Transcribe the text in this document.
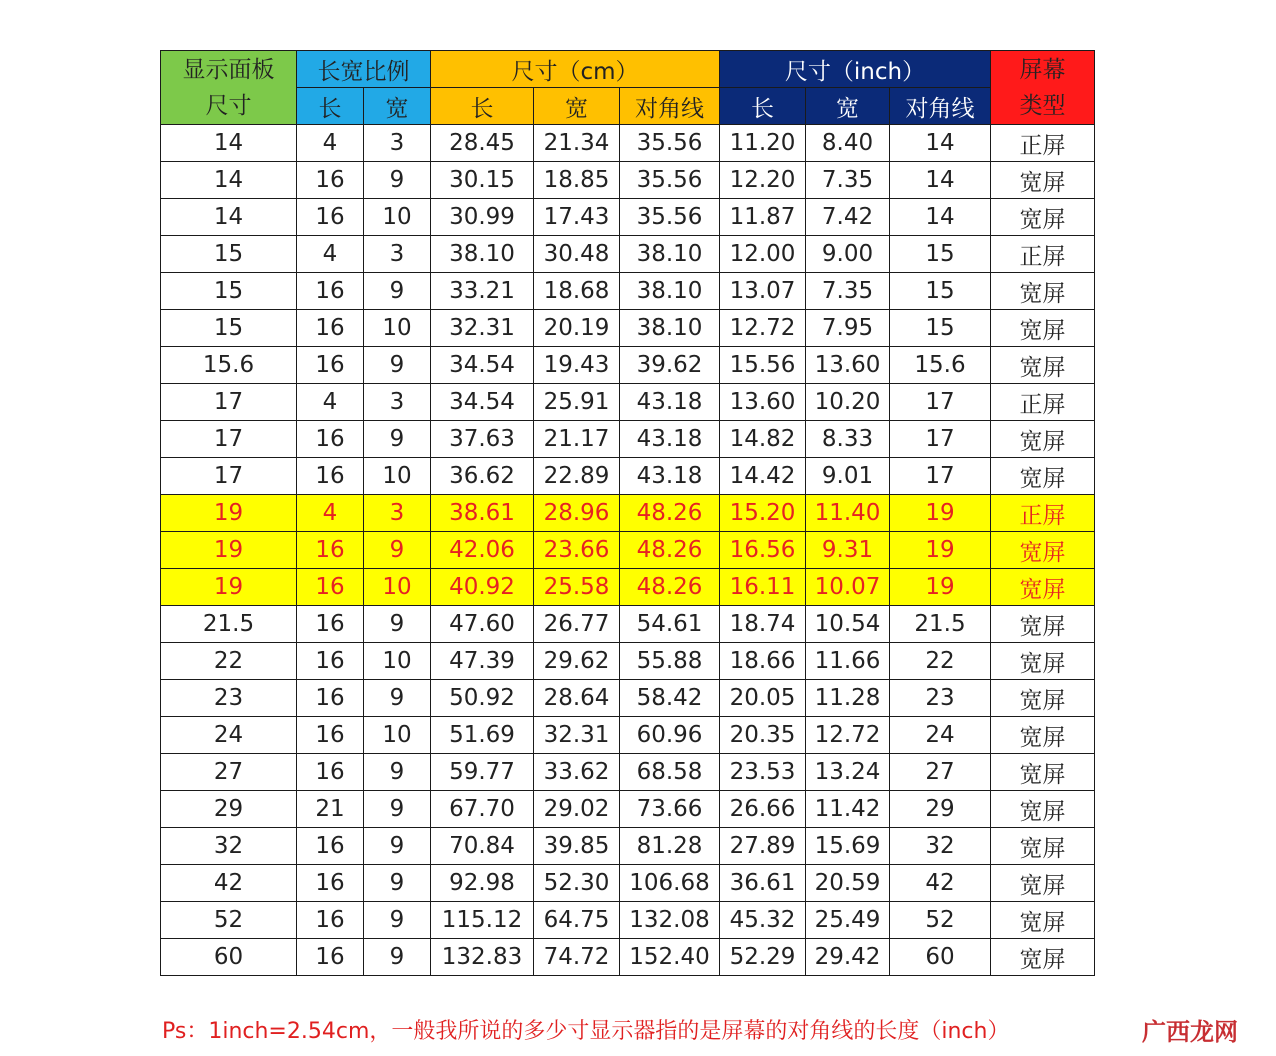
显示面板
尺寸	长宽比例		尺寸（cm）			尺寸（inch）			屏幕
类型

	长	宽	长	宽	对角线	长	宽	对角线	
14	4	3	28.45	21.34	35.56	11.20	8.40	14	正屏
14	16	9	30.15	18.85	35.56	12.20	7.35	14	宽屏
14	16	10	30.99	17.43	35.56	11.87	7.42	14	宽屏
15	4	3	38.10	30.48	38.10	12.00	9.00	15	正屏
15	16	9	33.21	18.68	38.10	13.07	7.35	15	宽屏
15	16	10	32.31	20.19	38.10	12.72	7.95	15	宽屏
15.6	16	9	34.54	19.43	39.62	15.56	13.60	15.6	宽屏
17	4	3	34.54	25.91	43.18	13.60	10.20	17	正屏
17	16	9	37.63	21.17	43.18	14.82	8.33	17	宽屏
17	16	10	36.62	22.89	43.18	14.42	9.01	17	宽屏
19	4	3	38.61	28.96	48.26	15.20	11.40	19	正屏
19	16	9	42.06	23.66	48.26	16.56	9.31	19	宽屏
19	16	10	40.92	25.58	48.26	16.11	10.07	19	宽屏
21.5	16	9	47.60	26.77	54.61	18.74	10.54	21.5	宽屏
22	16	10	47.39	29.62	55.88	18.66	11.66	22	宽屏
23	16	9	50.92	28.64	58.42	20.05	11.28	23	宽屏
24	16	10	51.69	32.31	60.96	20.35	12.72	24	宽屏
27	16	9	59.77	33.62	68.58	23.53	13.24	27	宽屏
29	21	9	67.70	29.02	73.66	26.66	11.42	29	宽屏
32	16	9	70.84	39.85	81.28	27.89	15.69	32	宽屏
42	16	9	92.98	52.30	106.68	36.61	20.59	42	宽屏
52	16	9	115.12	64.75	132.08	45.32	25.49	52	宽屏
60	16	9	132.83	74.72	152.40	52.29	29.42	60	宽屏
Ps：1inch=2.54cm，一般我所说的多少寸显示器指的是屏幕的对角线的长度（inch）	广西龙网
